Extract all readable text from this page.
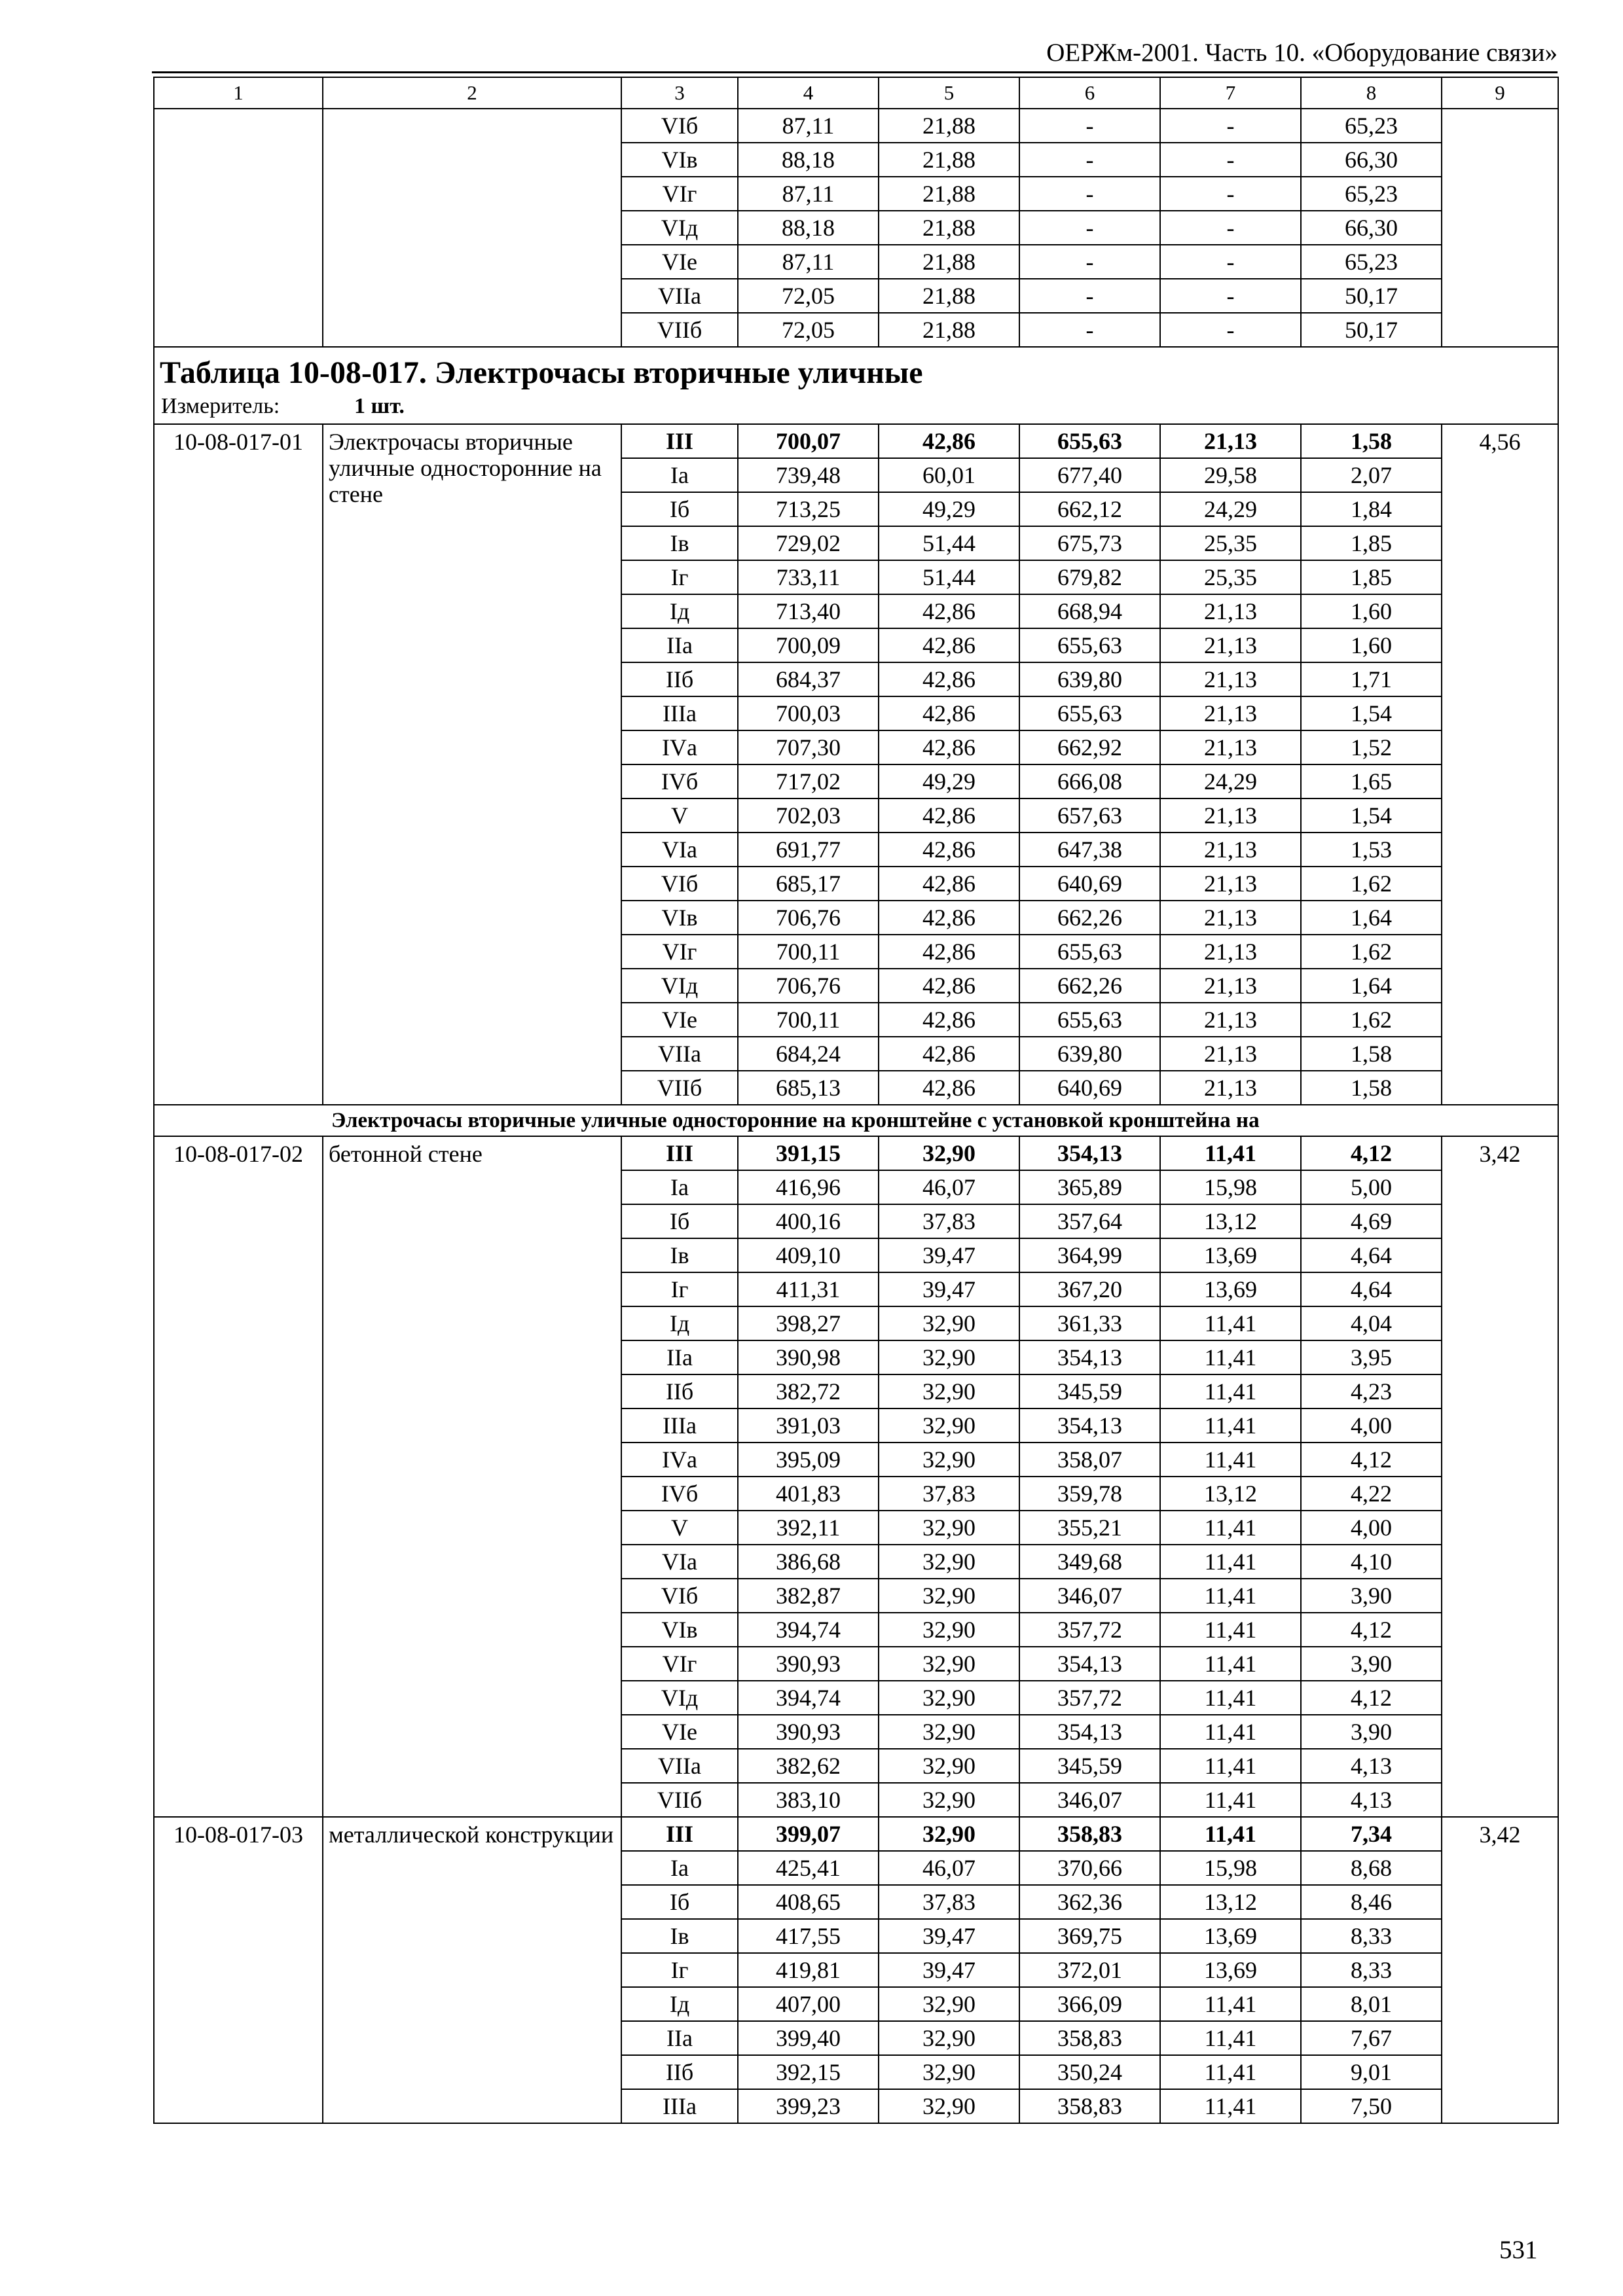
ОЕРЖм-2001. Часть 10. «Оборудование связи»
1	2	3	4	5	6	7	8	9
		VIб	87,11	21,88	-	-	65,23	
		VIв	88,18	21,88	-	-	66,30	
		VIг	87,11	21,88	-	-	65,23	
		VIд	88,18	21,88	-	-	66,30	
		VIе	87,11	21,88	-	-	65,23	
		VIIа	72,05	21,88	-	-	50,17	
		VIIб	72,05	21,88	-	-	50,17	

Таблица 10-08-017. Электрочасы вторичные уличные
Измеритель: 1 шт.								

10-08-017-01	Электрочасы вторичные уличные односторонние на стене	III	700,07	42,86	655,63	21,13	1,58	4,56
		Iа	739,48	60,01	677,40	29,58	2,07	
		Iб	713,25	49,29	662,12	24,29	1,84	
		Iв	729,02	51,44	675,73	25,35	1,85	
		Iг	733,11	51,44	679,82	25,35	1,85	
		Iд	713,40	42,86	668,94	21,13	1,60	
		IIа	700,09	42,86	655,63	21,13	1,60	
		IIб	684,37	42,86	639,80	21,13	1,71	
		IIIа	700,03	42,86	655,63	21,13	1,54	
		IVа	707,30	42,86	662,92	21,13	1,52	
		IVб	717,02	49,29	666,08	24,29	1,65	
		V	702,03	42,86	657,63	21,13	1,54	
		VIа	691,77	42,86	647,38	21,13	1,53	
		VIб	685,17	42,86	640,69	21,13	1,62	
		VIв	706,76	42,86	662,26	21,13	1,64	
		VIг	700,11	42,86	655,63	21,13	1,62	
		VIд	706,76	42,86	662,26	21,13	1,64	
		VIе	700,11	42,86	655,63	21,13	1,62	
		VIIа	684,24	42,86	639,80	21,13	1,58	
		VIIб	685,13	42,86	640,69	21,13	1,58	
Электрочасы вторичные уличные односторонние на кронштейне с установкой кронштейна на								
10-08-017-02	бетонной стене	III	391,15	32,90	354,13	11,41	4,12	3,42
		Iа	416,96	46,07	365,89	15,98	5,00	
		Iб	400,16	37,83	357,64	13,12	4,69	
		Iв	409,10	39,47	364,99	13,69	4,64	
		Iг	411,31	39,47	367,20	13,69	4,64	
		Iд	398,27	32,90	361,33	11,41	4,04	
		IIа	390,98	32,90	354,13	11,41	3,95	
		IIб	382,72	32,90	345,59	11,41	4,23	
		IIIа	391,03	32,90	354,13	11,41	4,00	
		IVа	395,09	32,90	358,07	11,41	4,12	
		IVб	401,83	37,83	359,78	13,12	4,22	
		V	392,11	32,90	355,21	11,41	4,00	
		VIа	386,68	32,90	349,68	11,41	4,10	
		VIб	382,87	32,90	346,07	11,41	3,90	
		VIв	394,74	32,90	357,72	11,41	4,12	
		VIг	390,93	32,90	354,13	11,41	3,90	
		VIд	394,74	32,90	357,72	11,41	4,12	
		VIе	390,93	32,90	354,13	11,41	3,90	
		VIIа	382,62	32,90	345,59	11,41	4,13	
		VIIб	383,10	32,90	346,07	11,41	4,13	
10-08-017-03	металлической конструкции	III	399,07	32,90	358,83	11,41	7,34	3,42
		Iа	425,41	46,07	370,66	15,98	8,68	
		Iб	408,65	37,83	362,36	13,12	8,46	
		Iв	417,55	39,47	369,75	13,69	8,33	
		Iг	419,81	39,47	372,01	13,69	8,33	
		Iд	407,00	32,90	366,09	11,41	8,01	
		IIа	399,40	32,90	358,83	11,41	7,67	
		IIб	392,15	32,90	350,24	11,41	9,01	
		IIIа	399,23	32,90	358,83	11,41	7,50	
531
